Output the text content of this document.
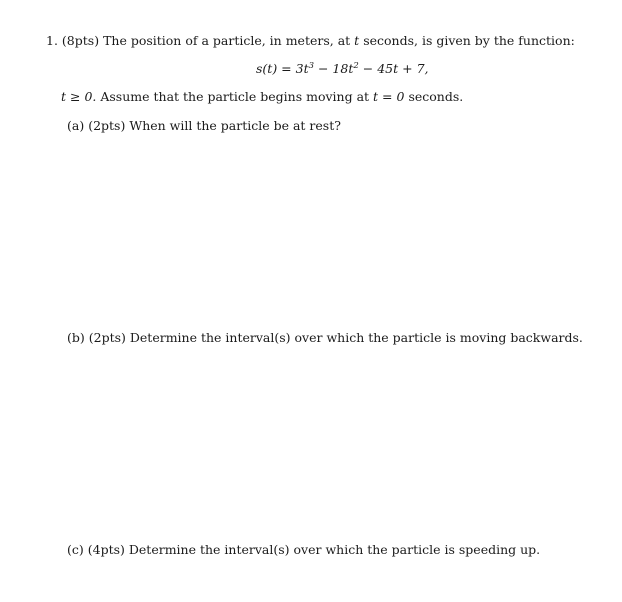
1. (8pts) The position of a particle, in meters, at t seconds, is given by the function:
$s(t) = 3t^3 - 18t^2 - 45t + 7$,
t ≥ 0. Assume that the particle begins moving at t = 0 seconds.
(a) (2pts) When will the particle be at rest?
(b) (2pts) Determine the interval(s) over which the particle is moving backwards.
(c) (4pts) Determine the interval(s) over which the particle is speeding up.
